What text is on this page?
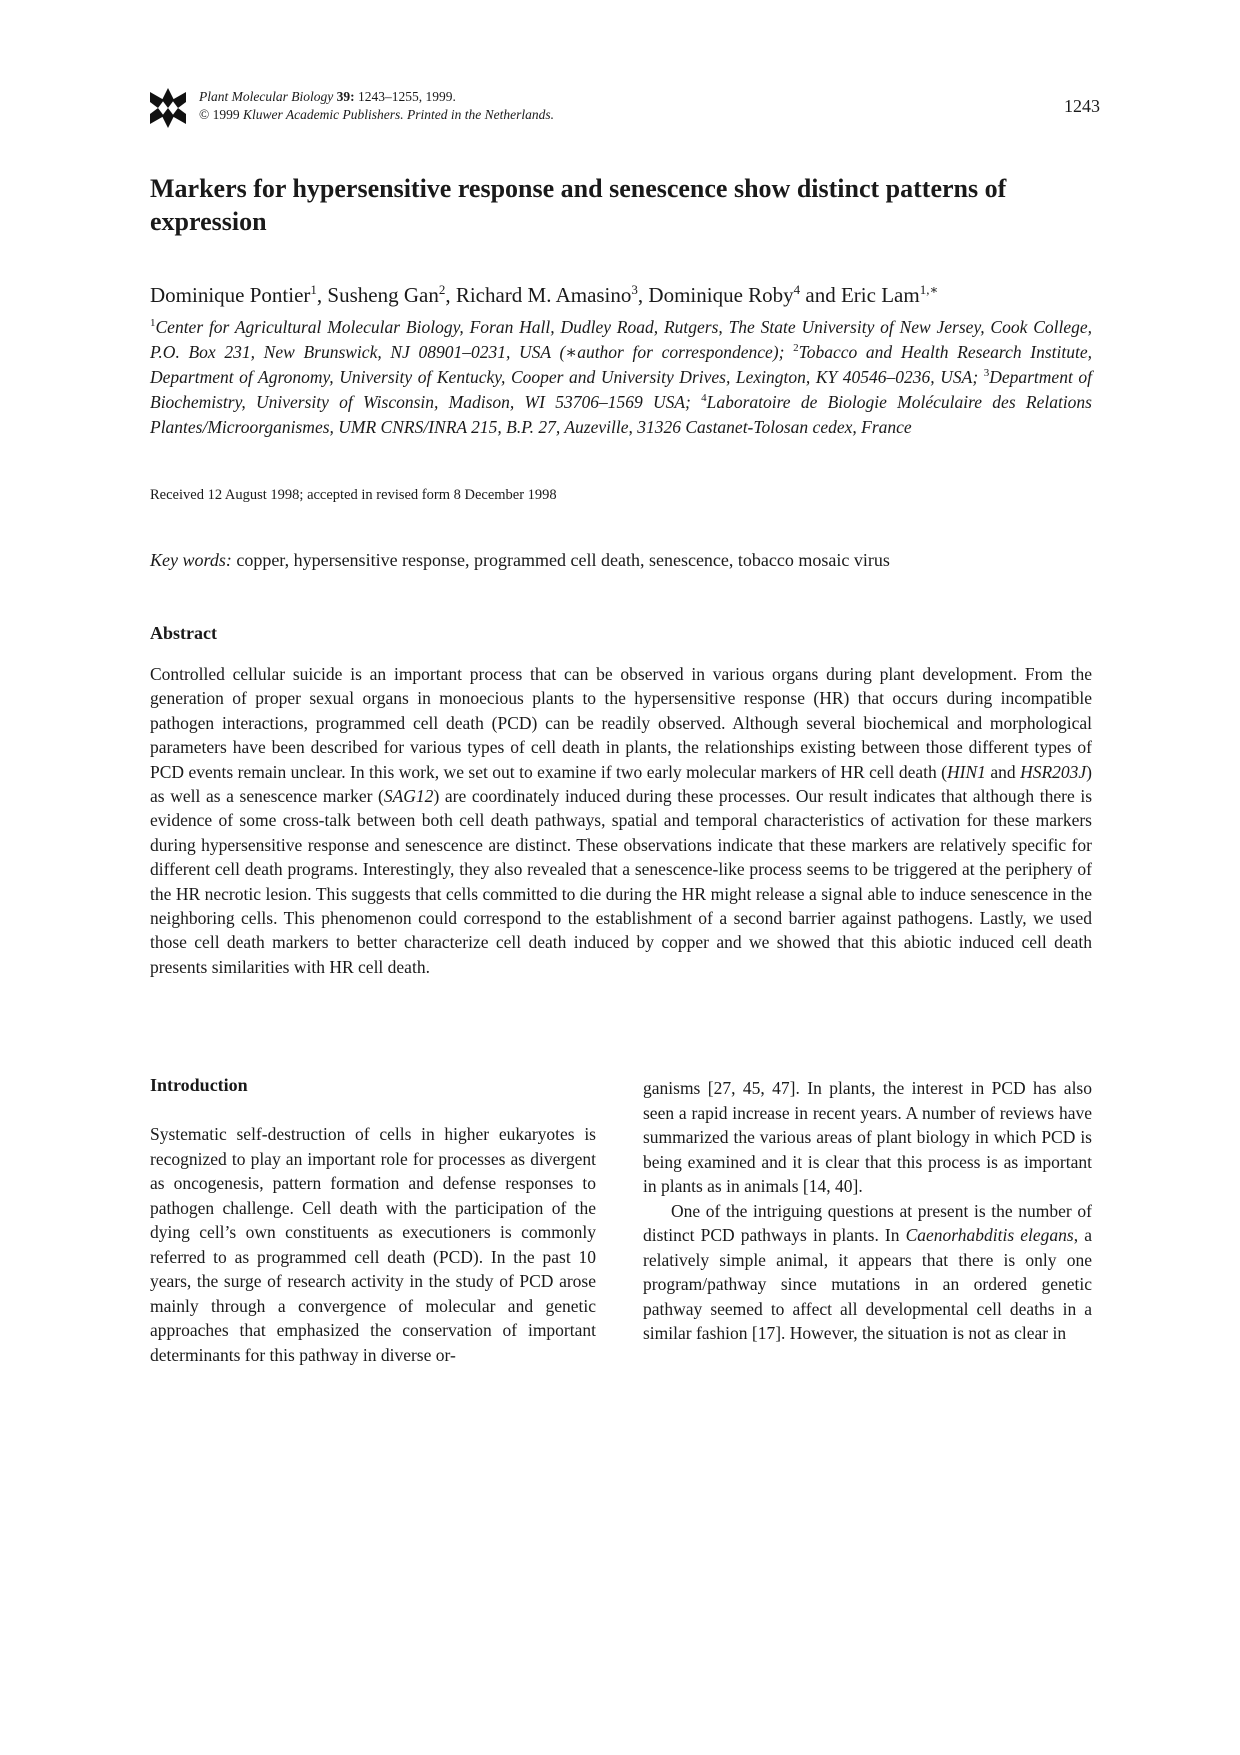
Plant Molecular Biology 39: 1243–1255, 1999.
© 1999 Kluwer Academic Publishers. Printed in the Netherlands.	1243
Markers for hypersensitive response and senescence show distinct patterns of expression
Dominique Pontier$^1$, Susheng Gan$^2$, Richard M. Amasino$^3$, Dominique Roby$^4$ and Eric Lam$^{1,∗}$
$^1$Center for Agricultural Molecular Biology, Foran Hall, Dudley Road, Rutgers, The State University of New Jersey, Cook College, P.O. Box 231, New Brunswick, NJ 08901–0231, USA (∗author for correspondence); $^2$Tobacco and Health Research Institute, Department of Agronomy, University of Kentucky, Cooper and University Drives, Lexington, KY 40546–0236, USA; $^3$Department of Biochemistry, University of Wisconsin, Madison, WI 53706–1569 USA; $^4$Laboratoire de Biologie Moléculaire des Relations Plantes/Microorganismes, UMR CNRS/INRA 215, B.P. 27, Auzeville, 31326 Castanet-Tolosan cedex, France
Received 12 August 1998; accepted in revised form 8 December 1998
Key words: copper, hypersensitive response, programmed cell death, senescence, tobacco mosaic virus
Abstract

Controlled cellular suicide is an important process that can be observed in various organs during plant development. From the generation of proper sexual organs in monoecious plants to the hypersensitive response (HR) that occurs during incompatible pathogen interactions, programmed cell death (PCD) can be readily observed. Although several biochemical and morphological parameters have been described for various types of cell death in plants, the relationships existing between those different types of PCD events remain unclear. In this work, we set out to examine if two early molecular markers of HR cell death (HIN1 and HSR203J) as well as a senescence marker (SAG12) are coordinately induced during these processes. Our result indicates that although there is evidence of some cross-talk between both cell death pathways, spatial and temporal characteristics of activation for these markers during hypersensitive response and senescence are distinct. These observations indicate that these markers are relatively specific for different cell death programs. Interestingly, they also revealed that a senescence-like process seems to be triggered at the periphery of the HR necrotic lesion. This suggests that cells committed to die during the HR might release a signal able to induce senescence in the neighboring cells. This phenomenon could correspond to the establishment of a second barrier against pathogens. Lastly, we used those cell death markers to better characterize cell death induced by copper and we showed that this abiotic induced cell death presents similarities with HR cell death.

Introduction

Systematic self-destruction of cells in higher eukaryotes is recognized to play an important role for processes as divergent as oncogenesis, pattern formation and defense responses to pathogen challenge. Cell death with the participation of the dying cell’s own constituents as executioners is commonly referred to as programmed cell death (PCD). In the past 10 years, the surge of research activity in the study of PCD arose mainly through a convergence of molecular and genetic approaches that emphasized the conservation of important determinants for this pathway in diverse or-

ganisms [27, 45, 47]. In plants, the interest in PCD has also seen a rapid increase in recent years. A number of reviews have summarized the various areas of plant biology in which PCD is being examined and it is clear that this process is as important in plants as in animals [14, 40].

One of the intriguing questions at present is the number of distinct PCD pathways in plants. In Caenorhabditis elegans, a relatively simple animal, it appears that there is only one program/pathway since mutations in an ordered genetic pathway seemed to affect all developmental cell deaths in a similar fashion [17]. However, the situation is not as clear in
